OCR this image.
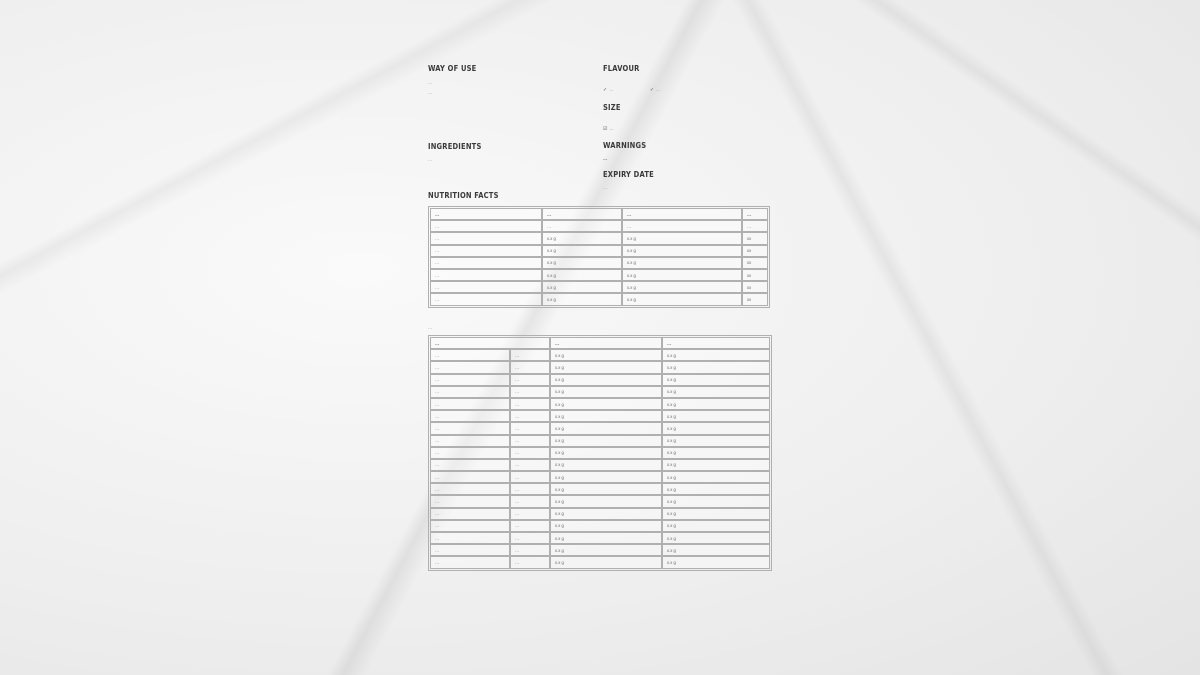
WAY OF USE
…
…
INGREDIENTS
…
FLAVOUR
✓ …	✓ …
SIZE
☑ …
WARNINGS
…
EXPIRY DATE
…
NUTRITION FACTS
…	…	…	…
…	…	…	…
…	x.x g	x.x g	xx
…	x.x g	x.x g	xx
…	x.x g	x.x g	xx
…	x.x g	x.x g	xx
…	x.x g	x.x g	xx
…	x.x g	x.x g	xx
…
…		…	…
…	…	x.x g	x.x g
…	…	x.x g	x.x g
…	…	x.x g	x.x g
…	…	x.x g	x.x g
…	…	x.x g	x.x g
…	…	x.x g	x.x g
…	…	x.x g	x.x g
…	…	x.x g	x.x g
…	…	x.x g	x.x g
…	…	x.x g	x.x g
…	…	x.x g	x.x g
…	…	x.x g	x.x g
…	…	x.x g	x.x g
…	…	x.x g	x.x g
…	…	x.x g	x.x g
…	…	x.x g	x.x g
…	…	x.x g	x.x g
…	…	x.x g	x.x g
